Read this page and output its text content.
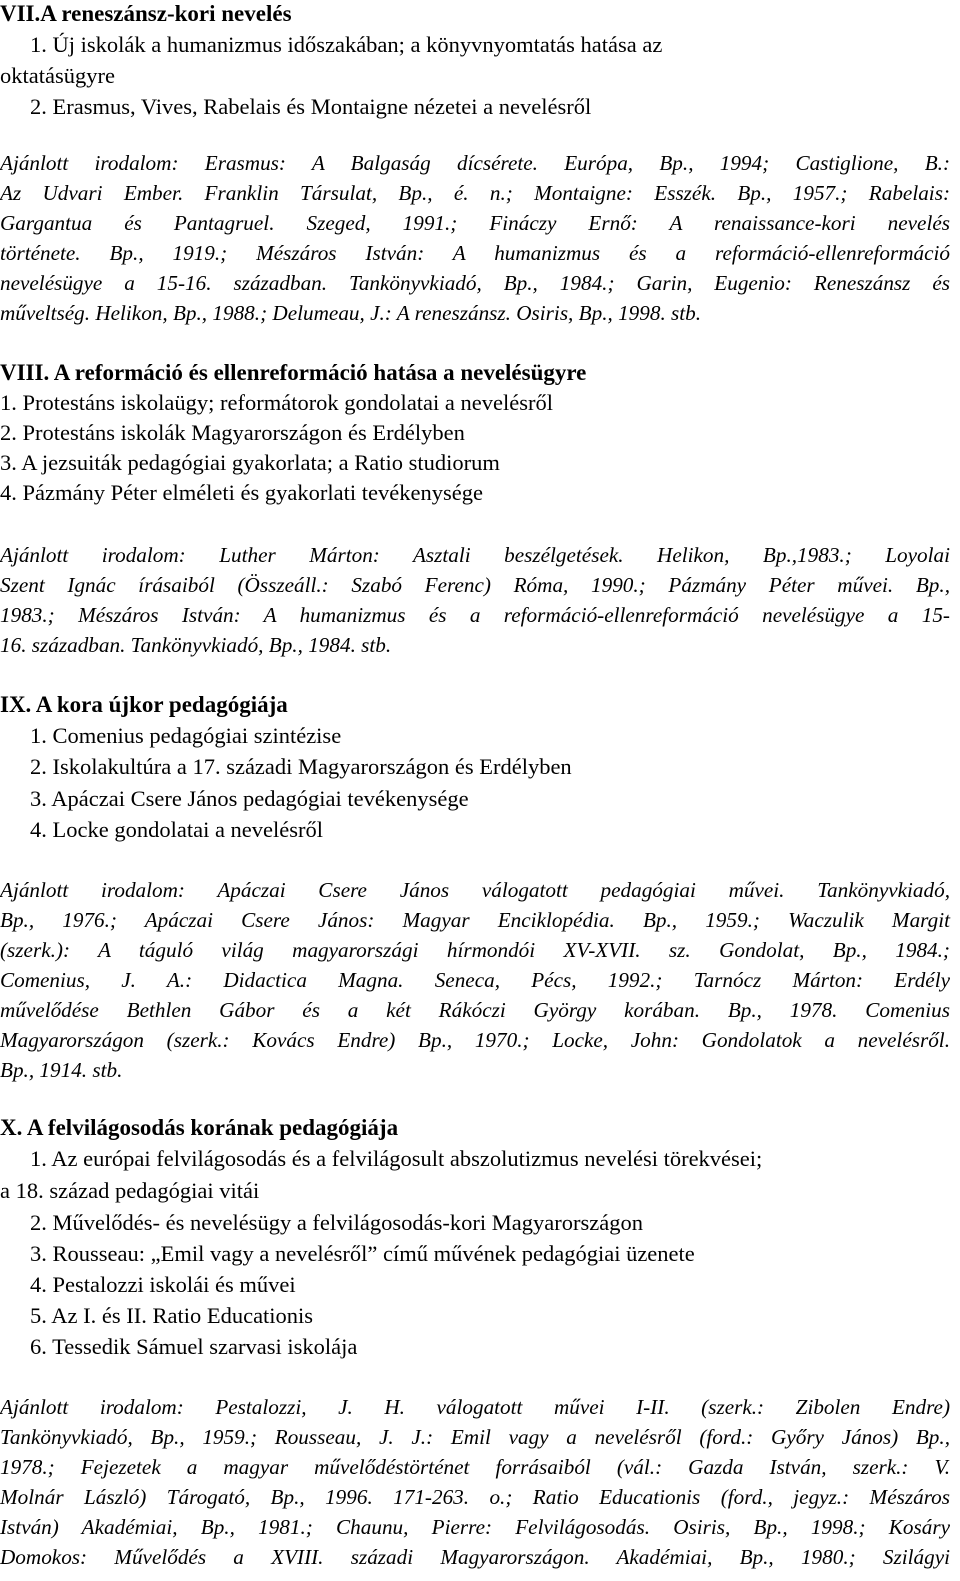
VII.A reneszánsz-kori nevelés
1. Új iskolák a humanizmus időszakában; a könyvnyomtatás hatása az
oktatásügyre
2. Erasmus, Vives, Rabelais és Montaigne nézetei a nevelésről
Ajánlott irodalom: Erasmus: A Balgaság dícsérete. Európa, Bp., 1994; Castiglione, B.:
Az Udvari Ember. Franklin Társulat, Bp., é. n.; Montaigne: Esszék. Bp., 1957.; Rabelais:
Gargantua és Pantagruel. Szeged, 1991.; Fináczy Ernő: A renaissance-kori nevelés
története. Bp., 1919.; Mészáros István: A humanizmus és a reformáció-ellenreformáció
nevelésügye a 15-16. században. Tankönyvkiadó, Bp., 1984.; Garin, Eugenio: Reneszánsz és
műveltség. Helikon, Bp., 1988.; Delumeau, J.: A reneszánsz. Osiris, Bp., 1998. stb.
VIII. A reformáció és ellenreformáció hatása a nevelésügyre
1. Protestáns iskolaügy; reformátorok gondolatai a nevelésről
2. Protestáns iskolák Magyarországon és Erdélyben
3. A jezsuiták pedagógiai gyakorlata; a Ratio studiorum
4. Pázmány Péter elméleti és gyakorlati tevékenysége
Ajánlott irodalom: Luther Márton: Asztali beszélgetések. Helikon, Bp.,1983.; Loyolai
Szent Ignác írásaiból (Összeáll.: Szabó Ferenc) Róma, 1990.; Pázmány Péter művei. Bp.,
1983.; Mészáros István: A humanizmus és a reformáció-ellenreformáció nevelésügye a 15-
16. században. Tankönyvkiadó, Bp., 1984. stb.
IX. A kora újkor pedagógiája
1. Comenius pedagógiai szintézise
2. Iskolakultúra a 17. századi Magyarországon és Erdélyben
3. Apáczai Csere János pedagógiai tevékenysége
4. Locke gondolatai a nevelésről
Ajánlott irodalom: Apáczai Csere János válogatott pedagógiai művei. Tankönyvkiadó,
Bp., 1976.; Apáczai Csere János: Magyar Enciklopédia. Bp., 1959.; Waczulik Margit
(szerk.): A táguló világ magyarországi hírmondói XV-XVII. sz. Gondolat, Bp., 1984.;
Comenius, J. A.: Didactica Magna. Seneca, Pécs, 1992.; Tarnócz Márton: Erdély
művelődése Bethlen Gábor és a két Rákóczi György korában. Bp., 1978. Comenius
Magyarországon (szerk.: Kovács Endre) Bp., 1970.; Locke, John: Gondolatok a nevelésről.
Bp., 1914. stb.
X. A felvilágosodás korának pedagógiája
1. Az európai felvilágosodás és a felvilágosult abszolutizmus nevelési törekvései;
a 18. század pedagógiai vitái
2. Művelődés- és nevelésügy a felvilágosodás-kori Magyarországon
3. Rousseau: „Emil vagy a nevelésről” című művének pedagógiai üzenete
4. Pestalozzi iskolái és művei
5. Az I. és II. Ratio Educationis
6. Tessedik Sámuel szarvasi iskolája
Ajánlott irodalom: Pestalozzi, J. H. válogatott művei I-II. (szerk.: Zibolen Endre)
Tankönyvkiadó, Bp., 1959.; Rousseau, J. J.: Emil vagy a nevelésről (ford.: Győry János) Bp.,
1978.; Fejezetek a magyar művelődéstörténet forrásaiból (vál.: Gazda István, szerk.: V.
Molnár László) Tárogató, Bp., 1996. 171-263. o.; Ratio Educationis (ford., jegyz.: Mészáros
István) Akadémiai, Bp., 1981.; Chaunu, Pierre: Felvilágosodás. Osiris, Bp., 1998.; Kosáry
Domokos: Művelődés a XVIII. századi Magyarországon. Akadémiai, Bp., 1980.; Szilágyi
